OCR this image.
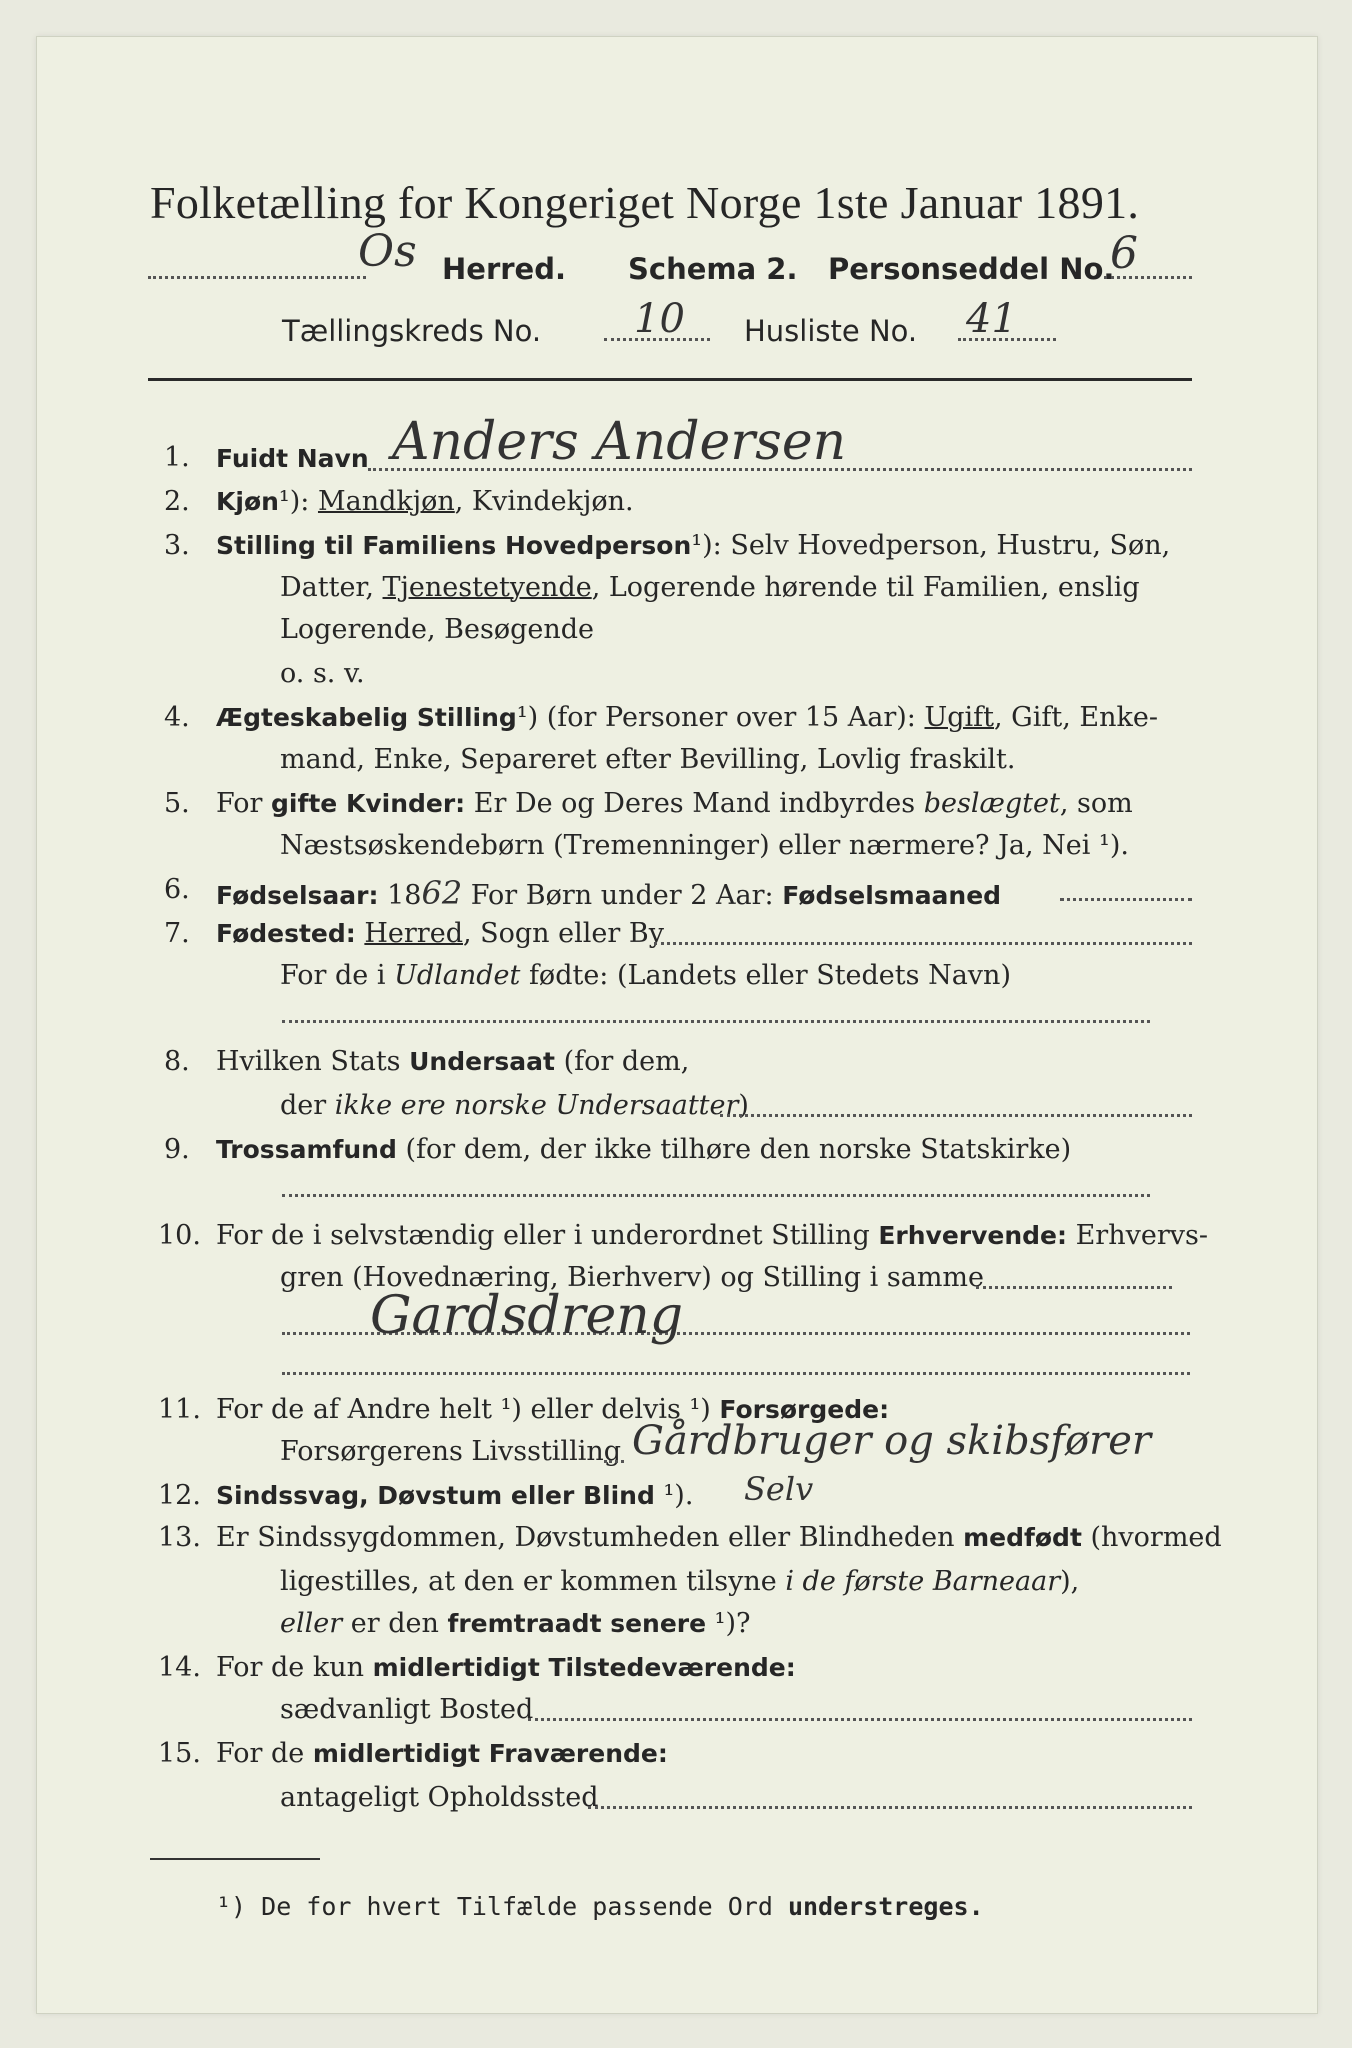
Folketælling for Kongeriget Norge 1ste Januar 1891.
Os Herred. Schema 2. Personseddel No.
6
Tællingskreds No. 10 Husliste No. 41
1. Fuidt Navn Anders Andersen
2. Kjøn¹): Mandkjøn, Kvindekjøn.
3. Stilling til Familiens Hovedperson¹): Selv Hovedperson, Hustru, Søn,
Datter, Tjenestetyende, Logerende hørende til Familien, enslig
Logerende, Besøgende
o. s. v.
4. Ægteskabelig Stilling¹) (for Personer over 15 Aar): Ugift, Gift, Enke-
mand, Enke, Separeret efter Bevilling, Lovlig fraskilt.
5. For gifte Kvinder: Er De og Deres Mand indbyrdes beslægtet, som
Næstsøskendebørn (Tremenninger) eller nærmere? Ja, Nei ¹).
6. Fødselsaar: 1862 For Børn under 2 Aar: Fødselsmaaned
7. Fødested: Herred, Sogn eller By
For de i Udlandet fødte: (Landets eller Stedets Navn)
8. Hvilken Stats Undersaat (for dem,
der ikke ere norske Undersaatter)
9. Trossamfund (for dem, der ikke tilhøre den norske Statskirke)
10. For de i selvstændig eller i underordnet Stilling Erhvervende: Erhvervs-
gren (Hovednæring, Bierhverv) og Stilling i samme
Gardsdreng
11. For de af Andre helt ¹) eller delvis ¹) Forsørgede:
Forsørgerens Livsstilling Gårdbruger og skibsfører
12. Sindssvag, Døvstum eller Blind ¹). Selv
13. Er Sindssygdommen, Døvstumheden eller Blindheden medfødt (hvormed
ligestilles, at den er kommen tilsyne i de første Barneaar),
eller er den fremtraadt senere ¹)?
14. For de kun midlertidigt Tilstedeværende:
sædvanligt Bosted
15. For de midlertidigt Fraværende:
antageligt Opholdssted
¹) De for hvert Tilfælde passende Ord understreges.
